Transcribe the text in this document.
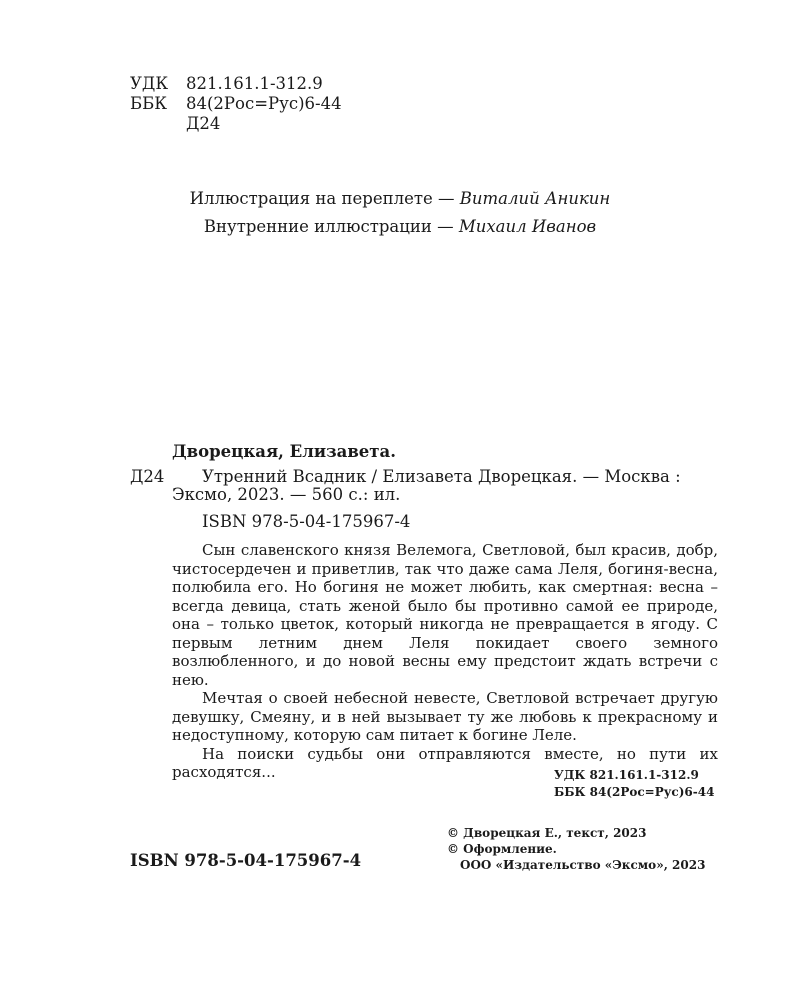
УДК	821.161.1-312.9
ББК	84(2Рос=Рус)6-44
Д24
Иллюстрация на переплете — Виталий Аникин
Внутренние иллюстрации — Михаил Иванов
Дворецкая, Елизавета.
Д24 Утренний Всадник / Елизавета Дворецкая. — Москва :
Эксмо, 2023. — 560 с.: ил.
ISBN 978-5-04-175967-4

Сын славенского князя Велемога, Светловой, был красив, добр, чистосердечен и приветлив, так что даже сама Леля, богиня-весна, полюбила его. Но богиня не может любить, как смертная: весна – всегда девица, стать женой было бы противно самой ее природе, она – только цветок, который никогда не превращается в ягоду. С первым летним днем Леля покидает своего земного возлюбленного, и до новой весны ему предстоит ждать встречи с нею.

Мечтая о своей небесной невесте, Светловой встречает другую девушку, Смеяну, и в ней вызывает ту же любовь к прекрасному и недоступному, которую сам питает к богине Леле.

На поиски судьбы они отправляются вместе, но пути их расходятся...	УДК 821.161.1-312.9
ББК 84(2Рос=Рус)6-44
ISBN 978-5-04-175967-4
© Дворецкая Е., текст, 2023
© Оформление.
ООО «Издательство «Эксмо», 2023
